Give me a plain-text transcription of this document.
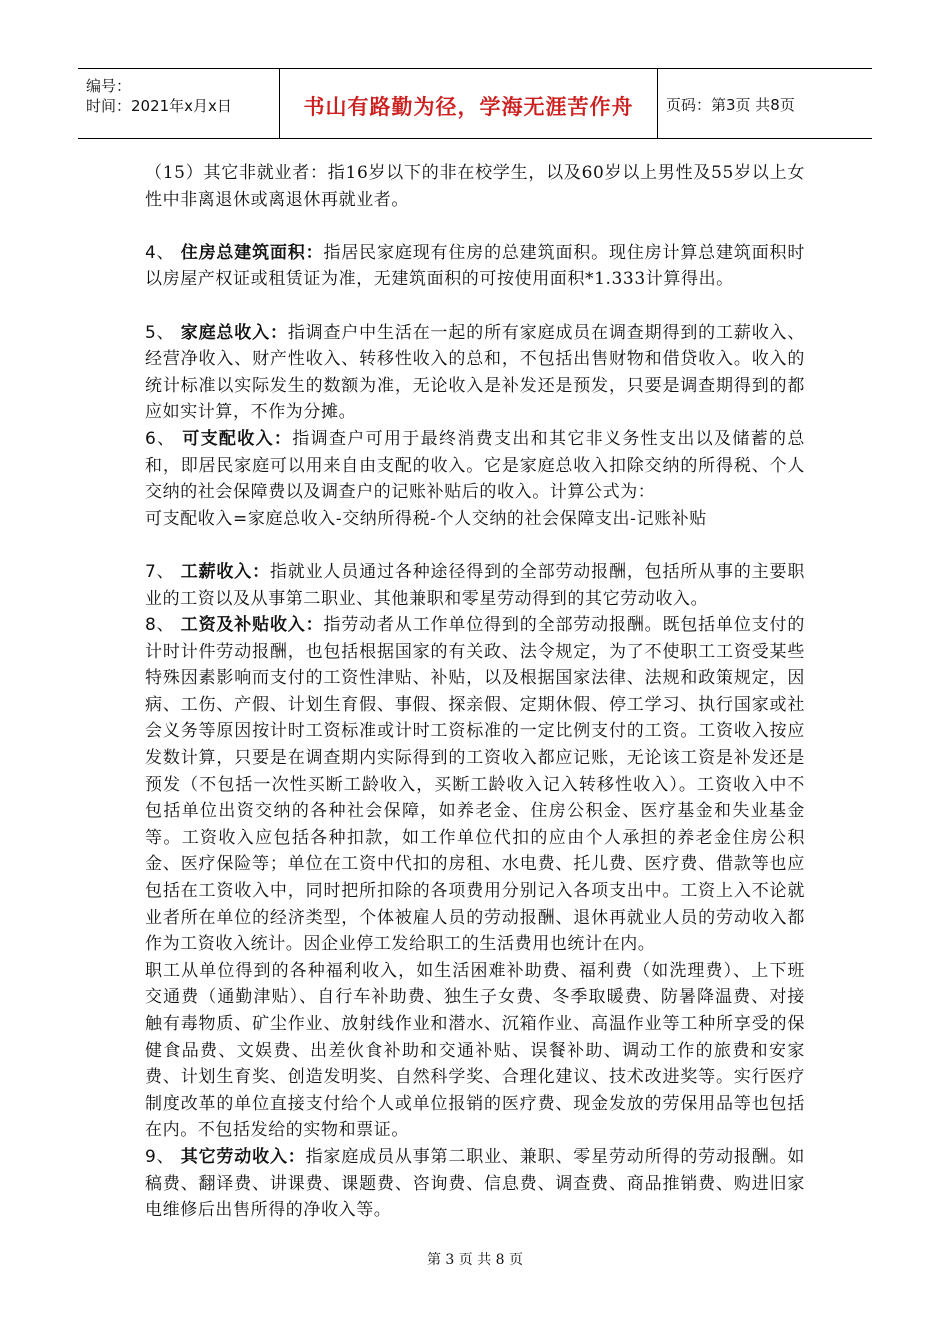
编号：
时间：2021年x月x日	书山有路勤为径，学海无涯苦作舟	页码：第3页 共8页

（15）其它非就业者：指16岁以下的非在校学生，以及60岁以上男性及55岁以上女性中非离退休或离退休再就业者。

4、 住房总建筑面积：指居民家庭现有住房的总建筑面积。现住房计算总建筑面积时以房屋产权证或租赁证为准，无建筑面积的可按使用面积*1.333计算得出。

5、 家庭总收入：指调查户中生活在一起的所有家庭成员在调查期得到的工薪收入、经营净收入、财产性收入、转移性收入的总和，不包括出售财物和借贷收入。收入的统计标准以实际发生的数额为准，无论收入是补发还是预发，只要是调查期得到的都应如实计算，不作为分摊。

6、 可支配收入：指调查户可用于最终消费支出和其它非义务性支出以及储蓄的总和，即居民家庭可以用来自由支配的收入。它是家庭总收入扣除交纳的所得税、个人交纳的社会保障费以及调查户的记账补贴后的收入。计算公式为：

可支配收入=家庭总收入-交纳所得税-个人交纳的社会保障支出-记账补贴

7、 工薪收入：指就业人员通过各种途径得到的全部劳动报酬，包括所从事的主要职业的工资以及从事第二职业、其他兼职和零星劳动得到的其它劳动收入。

8、 工资及补贴收入：指劳动者从工作单位得到的全部劳动报酬。既包括单位支付的计时计件劳动报酬，也包括根据国家的有关政、法令规定，为了不使职工工资受某些特殊因素影响而支付的工资性津贴、补贴，以及根据国家法律、法规和政策规定，因病、工伤、产假、计划生育假、事假、探亲假、定期休假、停工学习、执行国家或社会义务等原因按计时工资标准或计时工资标准的一定比例支付的工资。工资收入按应发数计算，只要是在调查期内实际得到的工资收入都应记账，无论该工资是补发还是预发（不包括一次性买断工龄收入，买断工龄收入记入转移性收入）。工资收入中不包括单位出资交纳的各种社会保障，如养老金、住房公积金、医疗基金和失业基金等。工资收入应包括各种扣款，如工作单位代扣的应由个人承担的养老金住房公积金、医疗保险等；单位在工资中代扣的房租、水电费、托儿费、医疗费、借款等也应包括在工资收入中，同时把所扣除的各项费用分别记入各项支出中。工资上入不论就业者所在单位的经济类型，个体被雇人员的劳动报酬、退休再就业人员的劳动收入都作为工资收入统计。因企业停工发给职工的生活费用也统计在内。

职工从单位得到的各种福利收入，如生活困难补助费、福利费（如洗理费）、上下班交通费（通勤津贴）、自行车补助费、独生子女费、冬季取暖费、防暑降温费、对接触有毒物质、矿尘作业、放射线作业和潜水、沉箱作业、高温作业等工种所享受的保健食品费、文娱费、出差伙食补助和交通补贴、误餐补助、调动工作的旅费和安家费、计划生育奖、创造发明奖、自然科学奖、合理化建议、技术改进奖等。实行医疗制度改革的单位直接支付给个人或单位报销的医疗费、现金发放的劳保用品等也包括在内。不包括发给的实物和票证。

9、 其它劳动收入：指家庭成员从事第二职业、兼职、零星劳动所得的劳动报酬。如稿费、翻译费、讲课费、课题费、咨询费、信息费、调查费、商品推销费、购进旧家电维修后出售所得的净收入等。

第 3 页 共 8 页
